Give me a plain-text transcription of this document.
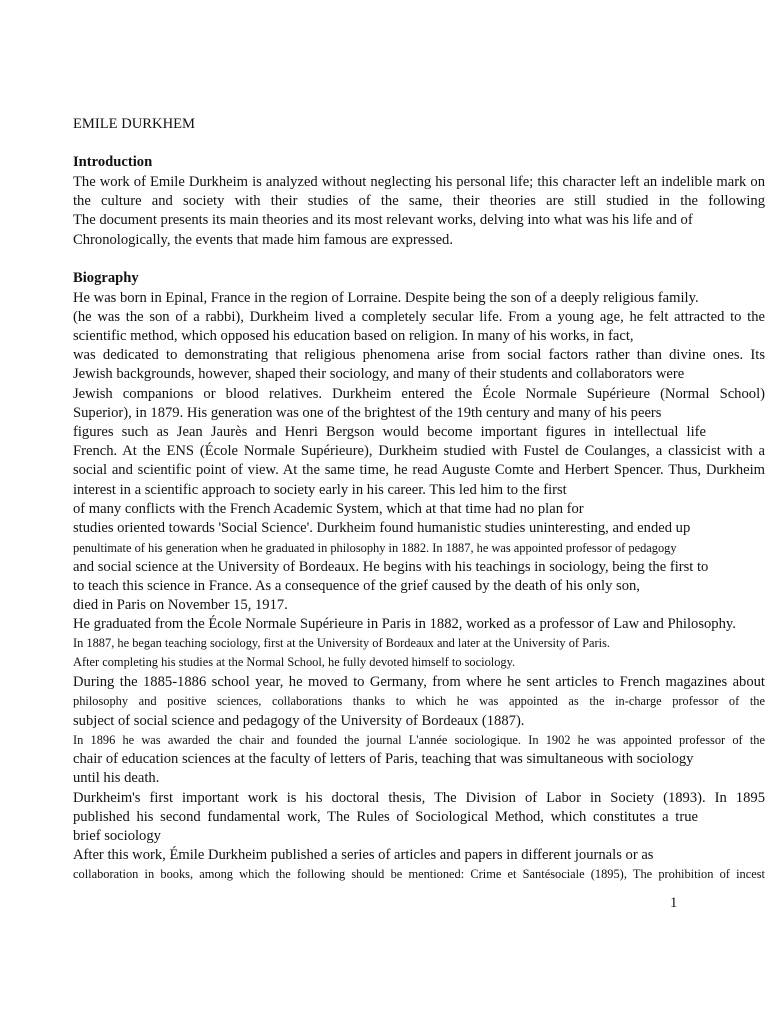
EMILE DURKHEM
Introduction
The work of Emile Durkheim is analyzed without neglecting his personal life; this character left an indelible mark on
the culture and society with their studies of the same, their theories are still studied in the following
The document presents its main theories and its most relevant works, delving into what was his life and of
Chronologically, the events that made him famous are expressed.
Biography
He was born in Epinal, France in the region of Lorraine. Despite being the son of a deeply religious family.
(he was the son of a rabbi), Durkheim lived a completely secular life. From a young age, he felt attracted to the
scientific method, which opposed his education based on religion. In many of his works, in fact,
was dedicated to demonstrating that religious phenomena arise from social factors rather than divine ones. Its
Jewish backgrounds, however, shaped their sociology, and many of their students and collaborators were
Jewish companions or blood relatives. Durkheim entered the École Normale Supérieure (Normal School)
Superior), in 1879. His generation was one of the brightest of the 19th century and many of his peers
figures such as Jean Jaurès and Henri Bergson would become important figures in intellectual life
French. At the ENS (École Normale Supérieure), Durkheim studied with Fustel de Coulanges, a classicist with a
social and scientific point of view. At the same time, he read Auguste Comte and Herbert Spencer. Thus, Durkheim
interest in a scientific approach to society early in his career. This led him to the first
of many conflicts with the French Academic System, which at that time had no plan for
studies oriented towards 'Social Science'. Durkheim found humanistic studies uninteresting, and ended up
penultimate of his generation when he graduated in philosophy in 1882. In 1887, he was appointed professor of pedagogy
and social science at the University of Bordeaux. He begins with his teachings in sociology, being the first to
to teach this science in France. As a consequence of the grief caused by the death of his only son,
died in Paris on November 15, 1917.
He graduated from the École Normale Supérieure in Paris in 1882, worked as a professor of Law and Philosophy.
In 1887, he began teaching sociology, first at the University of Bordeaux and later at the University of Paris.
After completing his studies at the Normal School, he fully devoted himself to sociology.
During the 1885-1886 school year, he moved to Germany, from where he sent articles to French magazines about
philosophy and positive sciences, collaborations thanks to which he was appointed as the in-charge professor of the
subject of social science and pedagogy of the University of Bordeaux (1887).
In 1896 he was awarded the chair and founded the journal L'année sociologique. In 1902 he was appointed professor of the
chair of education sciences at the faculty of letters of Paris, teaching that was simultaneous with sociology
until his death.
Durkheim's first important work is his doctoral thesis, The Division of Labor in Society (1893). In 1895
published his second fundamental work, The Rules of Sociological Method, which constitutes a true
brief sociology
After this work, Émile Durkheim published a series of articles and papers in different journals or as
collaboration in books, among which the following should be mentioned: Crime et Santésociale (1895), The prohibition of incest
1
